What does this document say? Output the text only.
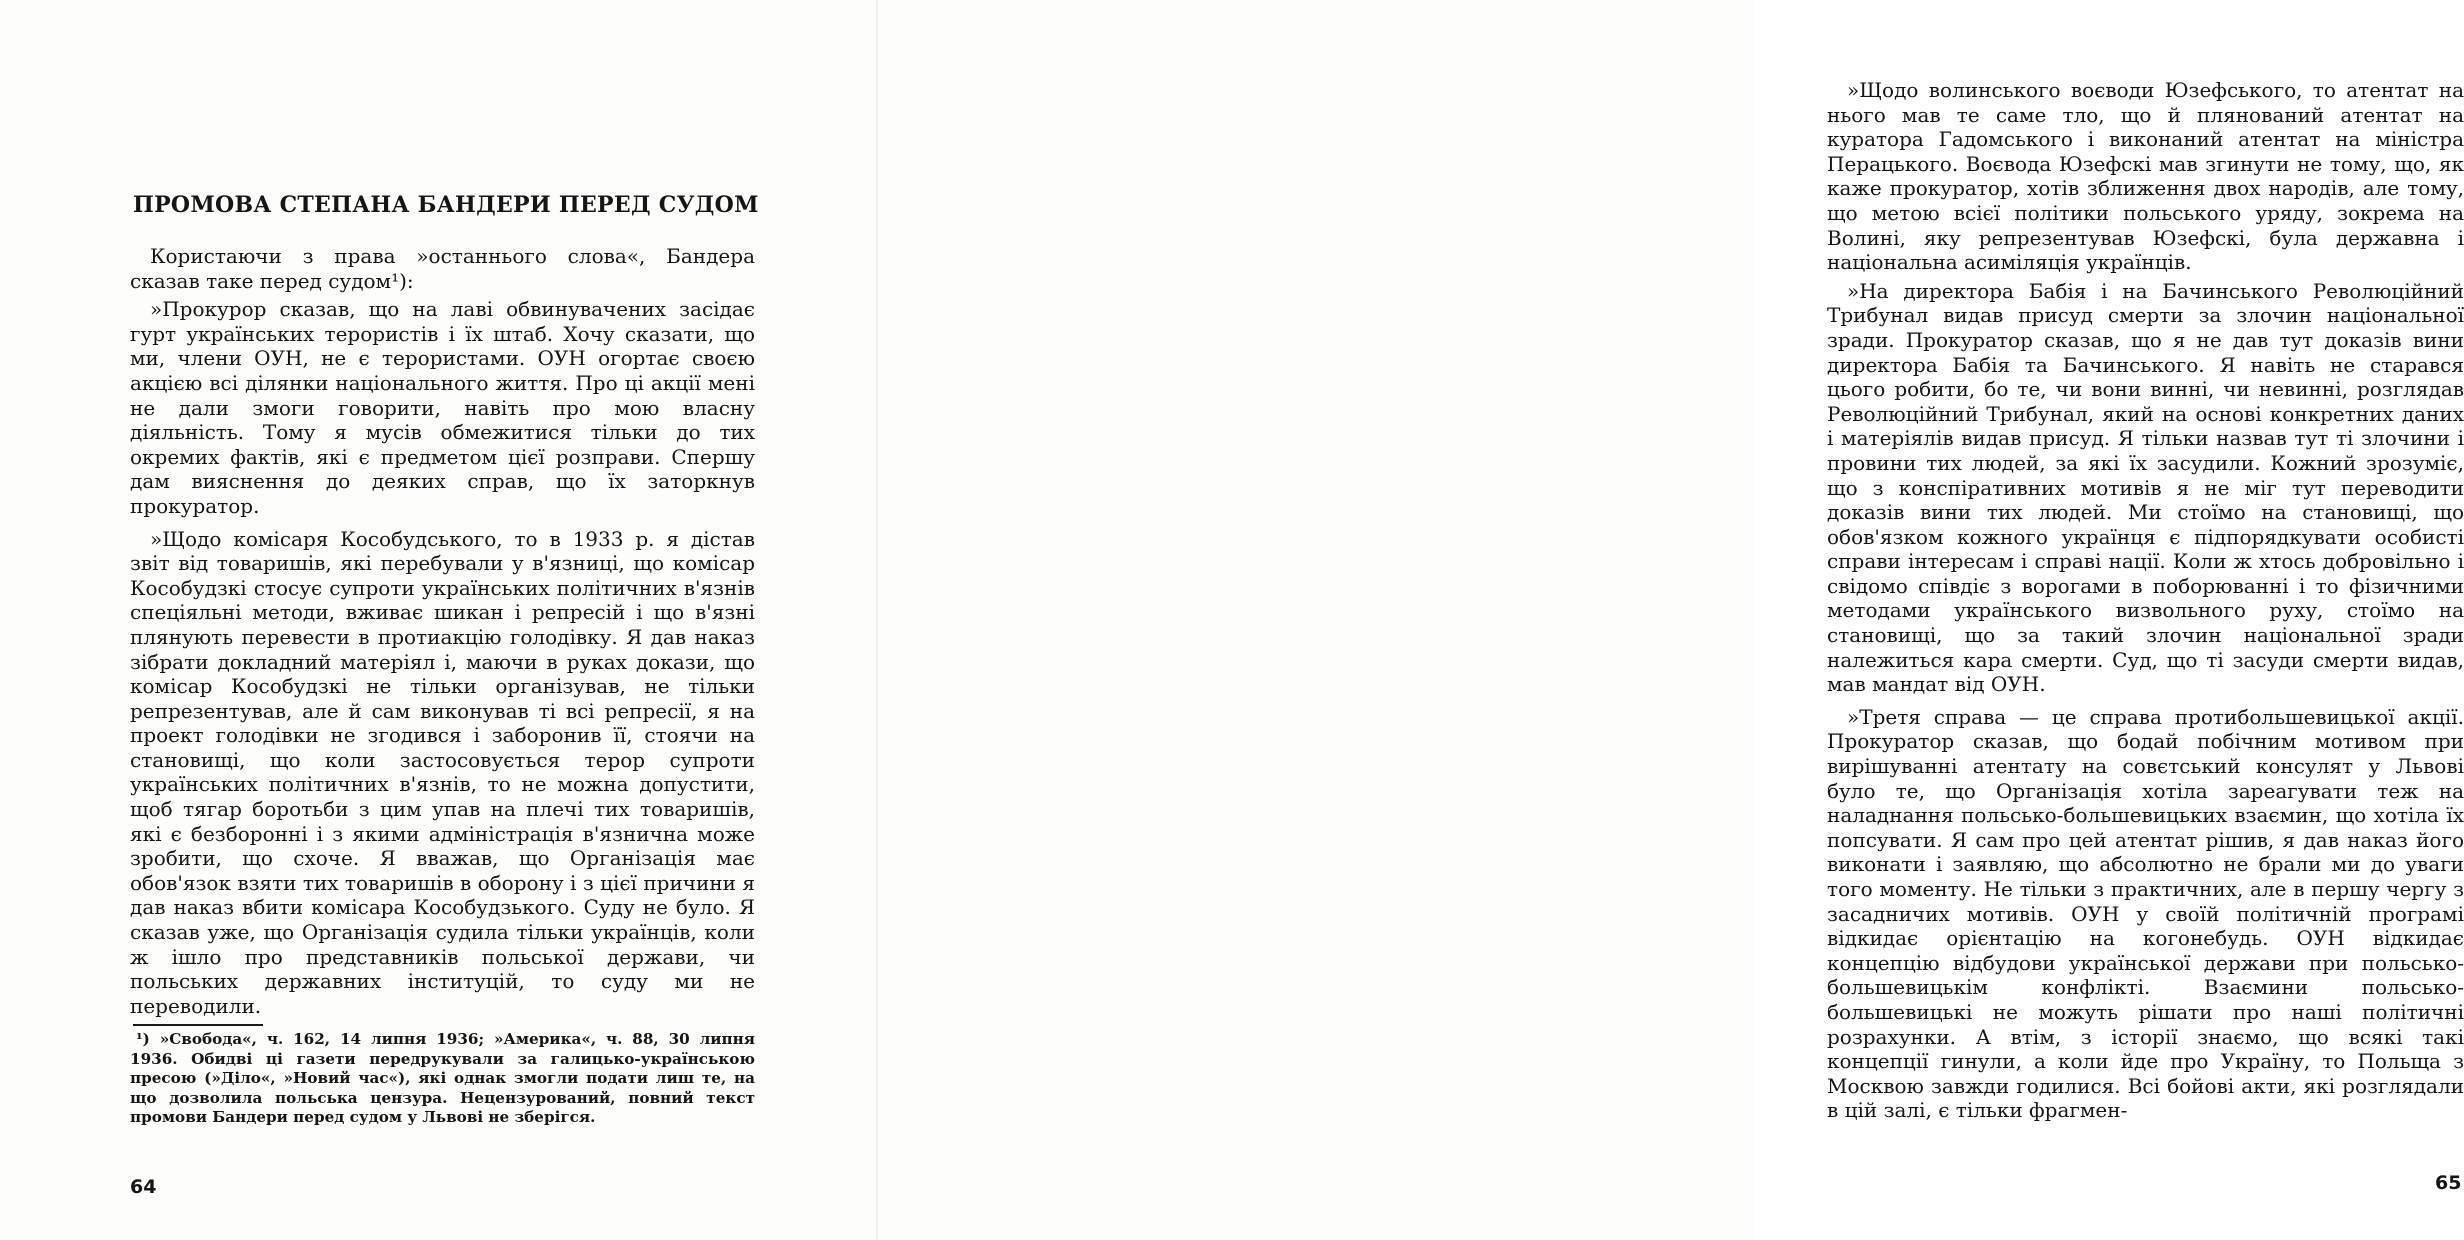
ПРОМОВА СТЕПАНА БАНДЕРИ ПЕРЕД СУДОМ

Користаючи з права »останнього слова«, Бандера сказав таке перед судом¹):

»Прокурор сказав, що на лаві обвинувачених засідає гурт українських терористів і їх штаб. Хочу сказати, що ми, члени ОУН, не є терористами. ОУН огортає своєю акцією всі ділянки національного життя. Про ці акції мені не дали змоги говорити, навіть про мою власну діяльність. Тому я мусів обмежитися тільки до тих окремих фактів, які є предметом цієї розправи. Спершу дам вияснення до деяких справ, що їх заторкнув прокуратор.

»Щодо комісаря Кособудського, то в 1933 р. я дістав звіт від товаришів, які перебували у в'язниці, що комісар Кособудзкі стосує супроти українських політичних в'язнів спеціяльні методи, вживає шикан і репресій і що в'язні плянують перевести в протиакцію голодівку. Я дав наказ зібрати докладний матеріял і, маючи в руках докази, що комісар Кособудзкі не тільки організував, не тільки репрезентував, але й сам виконував ті всі репресії, я на проект голодівки не згодився і заборонив її, стоячи на становищі, що коли застосовується терор супроти українських політичних в'язнів, то не можна допустити, щоб тягар боротьби з цим упав на плечі тих товаришів, які є безборонні і з якими адміністрація в'язнична може зробити, що схоче. Я вважав, що Організація має обов'язок взяти тих товаришів в оборону і з цієї причини я дав наказ вбити комісара Кособудзького. Суду не було. Я сказав уже, що Організація судила тільки українців, коли ж ішло про представників польської держави, чи польських державних інституцій, то суду ми не переводили.

¹) »Свобода«, ч. 162, 14 липня 1936; »Америка«, ч. 88, 30 липня 1936. Обидві ці газети передрукували за галицько-українською пресою (»Діло«, »Новий час«), які однак змогли подати лиш те, на що дозволила польська цензура. Нецензурований, повний текст промови Бандери перед судом у Львові не зберігся.

64

»Щодо волинського воєводи Юзефського, то атентат на нього мав те саме тло, що й плянований атентат на куратора Гадомського і виконаний атентат на міністра Перацького. Воєвода Юзефскі мав згинути не тому, що, як каже прокуратор, хотів зближення двох народів, але тому, що метою всієї політики польського уряду, зокрема на Волині, яку репрезентував Юзефскі, була державна і національна асиміляція українців.

»На директора Бабія і на Бачинського Революційний Трибунал видав присуд смерти за злочин національної зради. Прокуратор сказав, що я не дав тут доказів вини директора Бабія та Бачинського. Я навіть не старався цього робити, бо те, чи вони винні, чи невинні, розглядав Революційний Трибунал, який на основі конкретних даних і матеріялів видав присуд. Я тільки назвав тут ті злочини і провини тих людей, за які їх засудили. Кожний зрозуміє, що з конспіративних мотивів я не міг тут переводити доказів вини тих людей. Ми стоїмо на становищі, що обов'язком кожного українця є підпорядкувати особисті справи інтересам і справі нації. Коли ж хтось добровільно і свідомо співдіє з ворогами в поборюванні і то фізичними методами українського визвольного руху, стоїмо на становищі, що за такий злочин національної зради належиться кара смерти. Суд, що ті засуди смерти видав, мав мандат від ОУН.

»Третя справа — це справа протибольшевицької акції. Прокуратор сказав, що бодай побічним мотивом при вирішуванні атентату на совєтський консулят у Львові було те, що Організація хотіла зареагувати теж на наладнання польсько-большевицьких взаємин, що хотіла їх попсувати. Я сам про цей атентат рішив, я дав наказ його виконати і заявляю, що абсолютно не брали ми до уваги того моменту. Не тільки з практичних, але в першу чергу з засадничих мотивів. ОУН у своїй політичній програмі відкидає орієнтацію на когонебудь. ОУН відкидає концепцію відбудови української держави при польсько-большевицькім конфлікті. Взаємини польсько-большевицькі не можуть рішати про наші політичні розрахунки. А втім, з історії знаємо, що всякі такі концепції гинули, а коли йде про Україну, то Польща з Москвою завжди годилися. Всі бойові акти, які розглядали в цій залі, є тільки фрагмен-

65
